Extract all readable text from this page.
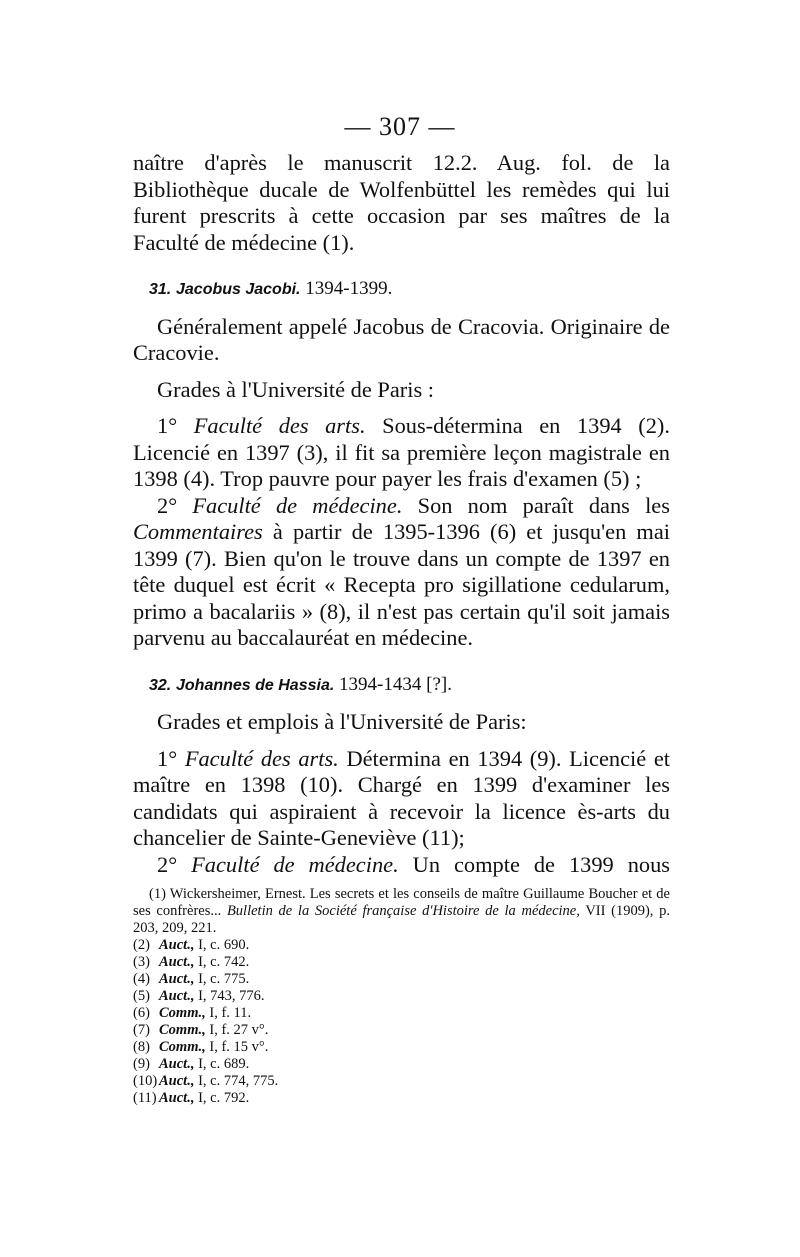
— 307 —

naître d'après le manuscrit 12.2. Aug. fol. de la Bibliothèque ducale de Wolfenbüttel les remèdes qui lui furent prescrits à cette occasion par ses maîtres de la Faculté de médecine (1).

31. Jacobus Jacobi. 1394-1399.

Généralement appelé Jacobus de Cracovia. Originaire de Cracovie.

Grades à l'Université de Paris :

1° Faculté des arts. Sous-détermina en 1394 (2). Licencié en 1397 (3), il fit sa première leçon magistrale en 1398 (4). Trop pauvre pour payer les frais d'examen (5) ;

2° Faculté de médecine. Son nom paraît dans les Commentaires à partir de 1395-1396 (6) et jusqu'en mai 1399 (7). Bien qu'on le trouve dans un compte de 1397 en tête duquel est écrit « Recepta pro sigillatione cedularum, primo a bacalariis » (8), il n'est pas certain qu'il soit jamais parvenu au baccalauréat en médecine.

32. Johannes de Hassia. 1394-1434 [?].

Grades et emplois à l'Université de Paris:

1° Faculté des arts. Détermina en 1394 (9). Licencié et maître en 1398 (10). Chargé en 1399 d'examiner les candidats qui aspiraient à recevoir la licence ès-arts du chancelier de Sainte-Geneviève (11);

2° Faculté de médecine. Un compte de 1399 nous

(1) Wickersheimer, Ernest. Les secrets et les conseils de maître Guillaume Boucher et de ses confrères... Bulletin de la Société française d'Histoire de la médecine, VII (1909), p. 203, 209, 221.

(2) Auct., I, c. 690.

(3) Auct., I, c. 742.

(4) Auct., I, c. 775.

(5) Auct., I, 743, 776.

(6) Comm., I, f. 11.

(7) Comm., I, f. 27 v°.

(8) Comm., I, f. 15 v°.

(9) Auct., I, c. 689.

(10) Auct., I, c. 774, 775.

(11) Auct., I, c. 792.
